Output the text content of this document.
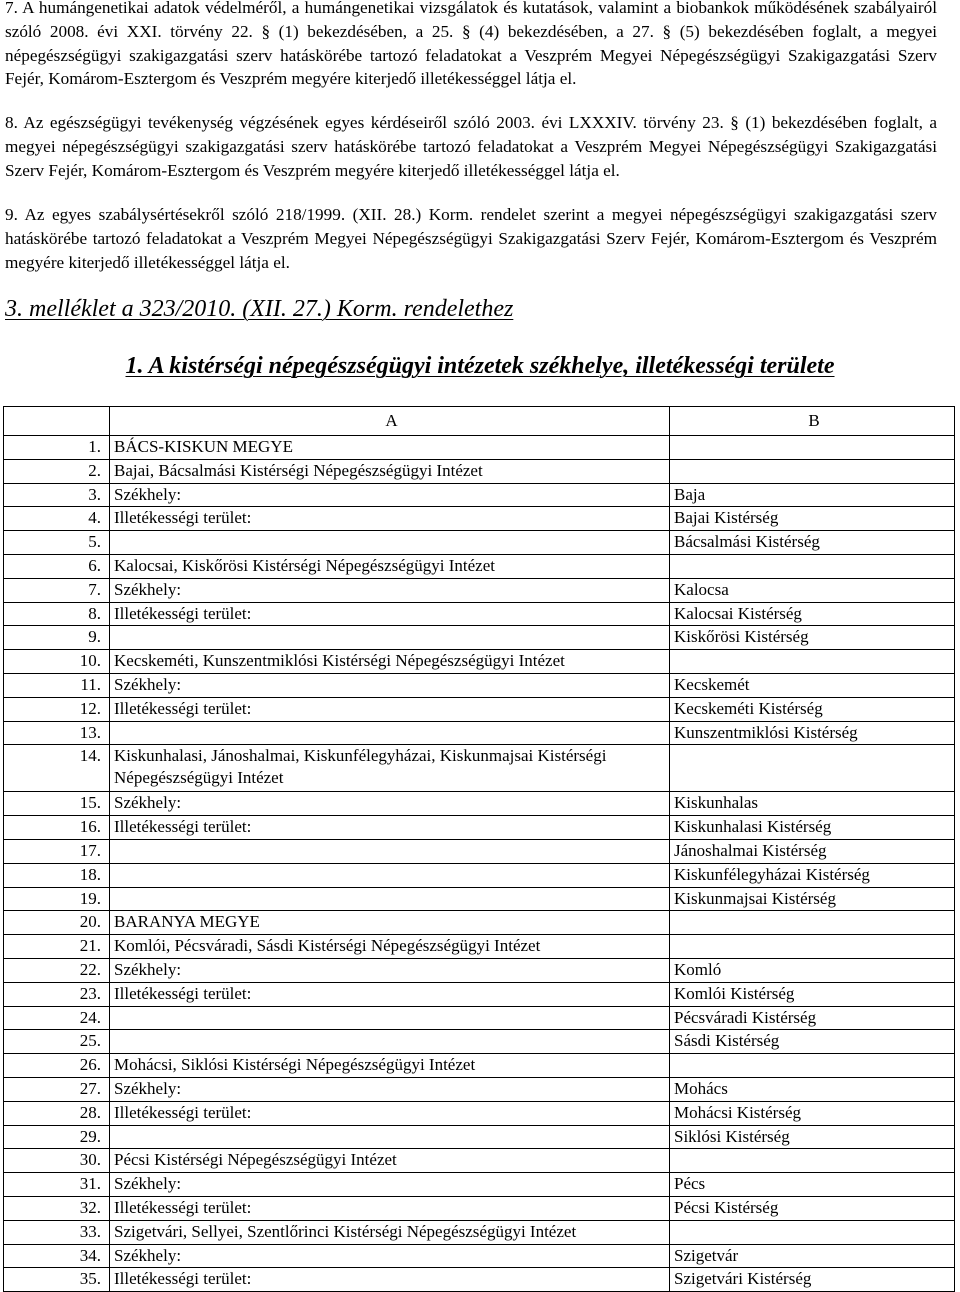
7. A humángenetikai adatok védelméről, a humángenetikai vizsgálatok és kutatások, valamint a biobankok működésének szabályairól szóló 2008. évi XXI. törvény 22. § (1) bekezdésében, a 25. § (4) bekezdésében, a 27. § (5) bekezdésében foglalt, a megyei népegészségügyi szakigazgatási szerv hatáskörébe tartozó feladatokat a Veszprém Megyei Népegészségügyi Szakigazgatási Szerv Fejér, Komárom-Esztergom és Veszprém megyére kiterjedő illetékességgel látja el.
8. Az egészségügyi tevékenység végzésének egyes kérdéseiről szóló 2003. évi LXXXIV. törvény 23. § (1) bekezdésében foglalt, a megyei népegészségügyi szakigazgatási szerv hatáskörébe tartozó feladatokat a Veszprém Megyei Népegészségügyi Szakigazgatási Szerv Fejér, Komárom-Esztergom és Veszprém megyére kiterjedő illetékességgel látja el.
9. Az egyes szabálysértésekről szóló 218/1999. (XII. 28.) Korm. rendelet szerint a megyei népegészségügyi szakigazgatási szerv hatáskörébe tartozó feladatokat a Veszprém Megyei Népegészségügyi Szakigazgatási Szerv Fejér, Komárom-Esztergom és Veszprém megyére kiterjedő illetékességgel látja el.
3. melléklet a 323/2010. (XII. 27.) Korm. rendelethez
1. A kistérségi népegészségügyi intézetek székhelye, illetékességi területe
	A	B
1.	BÁCS-KISKUN MEGYE	
2.	Bajai, Bácsalmási Kistérségi Népegészségügyi Intézet	
3.	Székhely:	Baja
4.	Illetékességi terület:	Bajai Kistérség
5.		Bácsalmási Kistérség
6.	Kalocsai, Kiskőrösi Kistérségi Népegészségügyi Intézet	
7.	Székhely:	Kalocsa
8.	Illetékességi terület:	Kalocsai Kistérség
9.		Kiskőrösi Kistérség
10.	Kecskeméti, Kunszentmiklósi Kistérségi Népegészségügyi Intézet	
11.	Székhely:	Kecskemét
12.	Illetékességi terület:	Kecskeméti Kistérség
13.		Kunszentmiklósi Kistérség
14.	Kiskunhalasi, Jánoshalmai, Kiskunfélegyházai, Kiskunmajsai Kistérségi Népegészségügyi Intézet	
15.	Székhely:	Kiskunhalas
16.	Illetékességi terület:	Kiskunhalasi Kistérség
17.		Jánoshalmai Kistérség
18.		Kiskunfélegyházai Kistérség
19.		Kiskunmajsai Kistérség
20.	BARANYA MEGYE	
21.	Komlói, Pécsváradi, Sásdi Kistérségi Népegészségügyi Intézet	
22.	Székhely:	Komló
23.	Illetékességi terület:	Komlói Kistérség
24.		Pécsváradi Kistérség
25.		Sásdi Kistérség
26.	Mohácsi, Siklósi Kistérségi Népegészségügyi Intézet	
27.	Székhely:	Mohács
28.	Illetékességi terület:	Mohácsi Kistérség
29.		Siklósi Kistérség
30.	Pécsi Kistérségi Népegészségügyi Intézet	
31.	Székhely:	Pécs
32.	Illetékességi terület:	Pécsi Kistérség
33.	Szigetvári, Sellyei, Szentlőrinci Kistérségi Népegészségügyi Intézet	
34.	Székhely:	Szigetvár
35.	Illetékességi terület:	Szigetvári Kistérség
